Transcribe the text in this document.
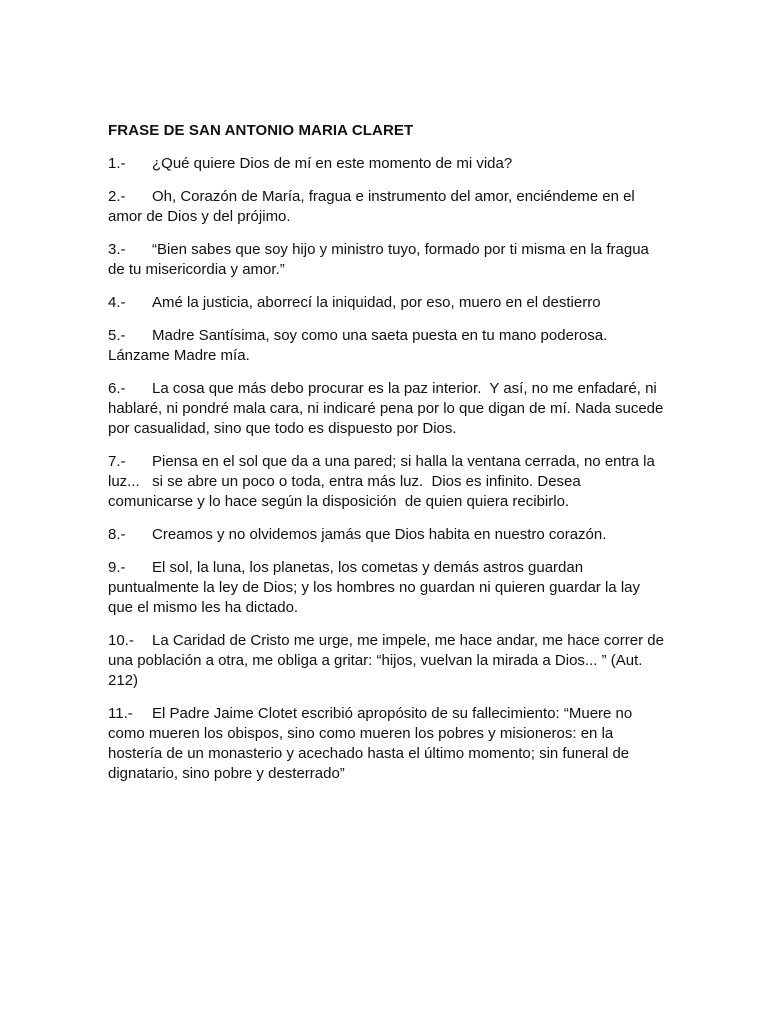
FRASE DE SAN ANTONIO MARIA CLARET
1.- ¿Qué quiere Dios de mí en este momento de mi vida?
2.- Oh, Corazón de María, fragua e instrumento del amor, enciéndeme en el amor de Dios y del prójimo.
3.- “Bien sabes que soy hijo y ministro tuyo, formado por ti misma en la fragua de tu misericordia y amor.”
4.- Amé la justicia, aborrecí la iniquidad, por eso, muero en el destierro
5.- Madre Santísima, soy como una saeta puesta en tu mano poderosa. Lánzame Madre mía.
6.- La cosa que más debo procurar es la paz interior.  Y así, no me enfadaré, ni hablaré, ni pondré mala cara, ni indicaré pena por lo que digan de mí. Nada sucede por casualidad, sino que todo es dispuesto por Dios.
7.- Piensa en el sol que da a una pared; si halla la ventana cerrada, no entra la luz...   si se abre un poco o toda, entra más luz.  Dios es infinito. Desea comunicarse y lo hace según la disposición  de quien quiera recibirlo.
8.- Creamos y no olvidemos jamás que Dios habita en nuestro corazón.
9.- El sol, la luna, los planetas, los cometas y demás astros guardan puntualmente la ley de Dios; y los hombres no guardan ni quieren guardar la lay que el mismo les ha dictado.
10.- La Caridad de Cristo me urge, me impele, me hace andar, me hace correr de una población a otra, me obliga a gritar: “hijos, vuelvan la mirada a Dios... ” (Aut. 212)
11.- El Padre Jaime Clotet escribió apropósito de su fallecimiento: “Muere no como mueren los obispos, sino como mueren los pobres y misioneros: en la hostería de un monasterio y acechado hasta el último momento; sin funeral de dignatario, sino pobre y desterrado”
